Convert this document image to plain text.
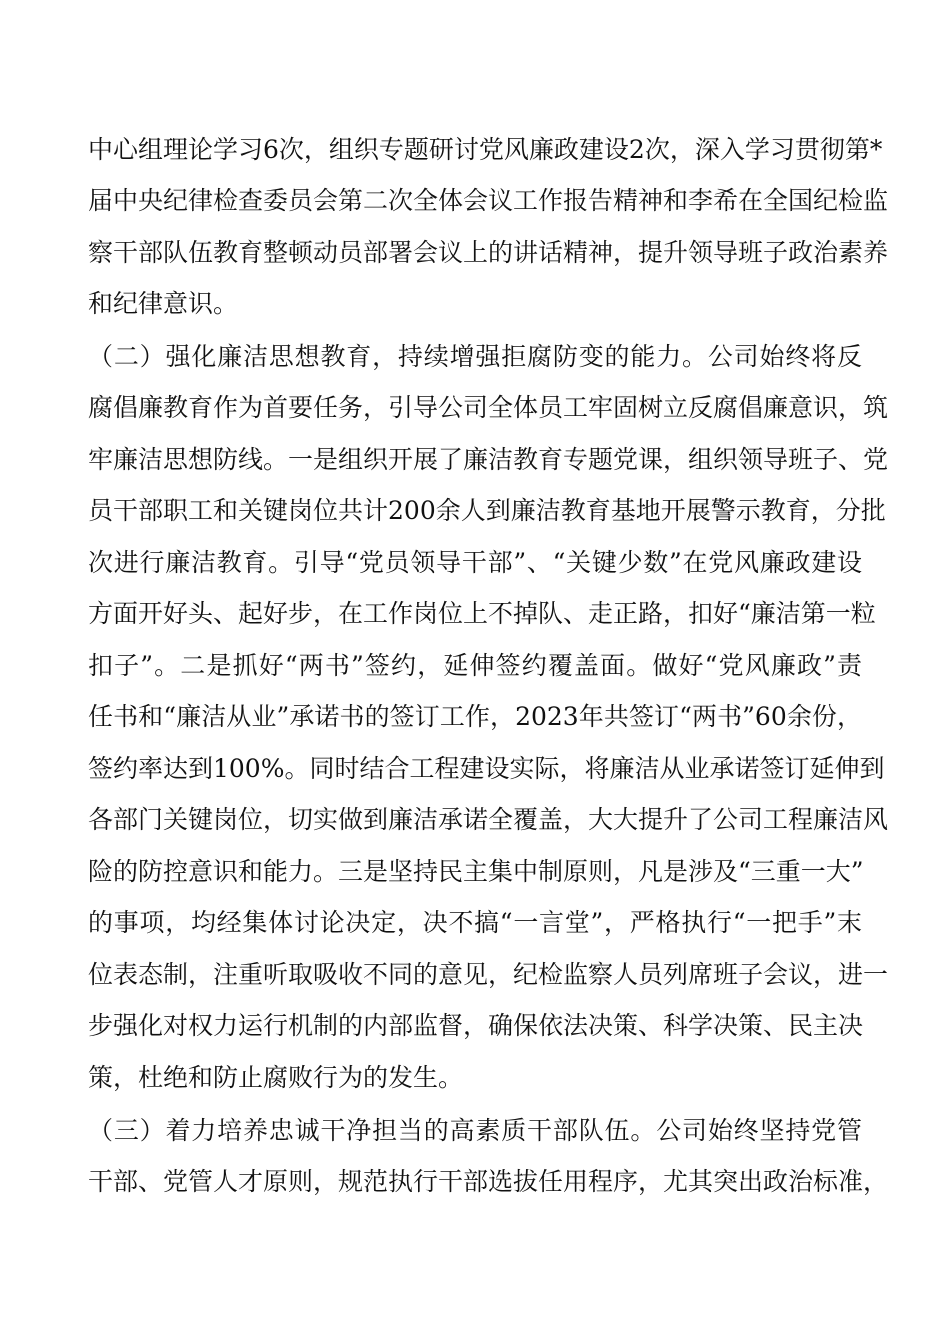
中心组理论学习6次，组织专题研讨党风廉政建设2次，深入学习贯彻第*
届中央纪律检查委员会第二次全体会议工作报告精神和李希在全国纪检监
察干部队伍教育整顿动员部署会议上的讲话精神，提升领导班子政治素养
和纪律意识。
（二）强化廉洁思想教育，持续增强拒腐防变的能力。公司始终将反
腐倡廉教育作为首要任务，引导公司全体员工牢固树立反腐倡廉意识，筑
牢廉洁思想防线。一是组织开展了廉洁教育专题党课，组织领导班子、党
员干部职工和关键岗位共计200余人到廉洁教育基地开展警示教育，分批
次进行廉洁教育。引导“党员领导干部”、“关键少数”在党风廉政建设
方面开好头、起好步，在工作岗位上不掉队、走正路，扣好“廉洁第一粒
扣子”。二是抓好“两书”签约，延伸签约覆盖面。做好“党风廉政”责
任书和“廉洁从业”承诺书的签订工作，2023年共签订“两书”60余份，
签约率达到100%。同时结合工程建设实际，将廉洁从业承诺签订延伸到
各部门关键岗位，切实做到廉洁承诺全覆盖，大大提升了公司工程廉洁风
险的防控意识和能力。三是坚持民主集中制原则，凡是涉及“三重一大”
的事项，均经集体讨论决定，决不搞“一言堂”，严格执行“一把手”末
位表态制，注重听取吸收不同的意见，纪检监察人员列席班子会议，进一
步强化对权力运行机制的内部监督，确保依法决策、科学决策、民主决
策，杜绝和防止腐败行为的发生。
（三）着力培养忠诚干净担当的高素质干部队伍。公司始终坚持党管
干部、党管人才原则，规范执行干部选拔任用程序，尤其突出政治标准，
